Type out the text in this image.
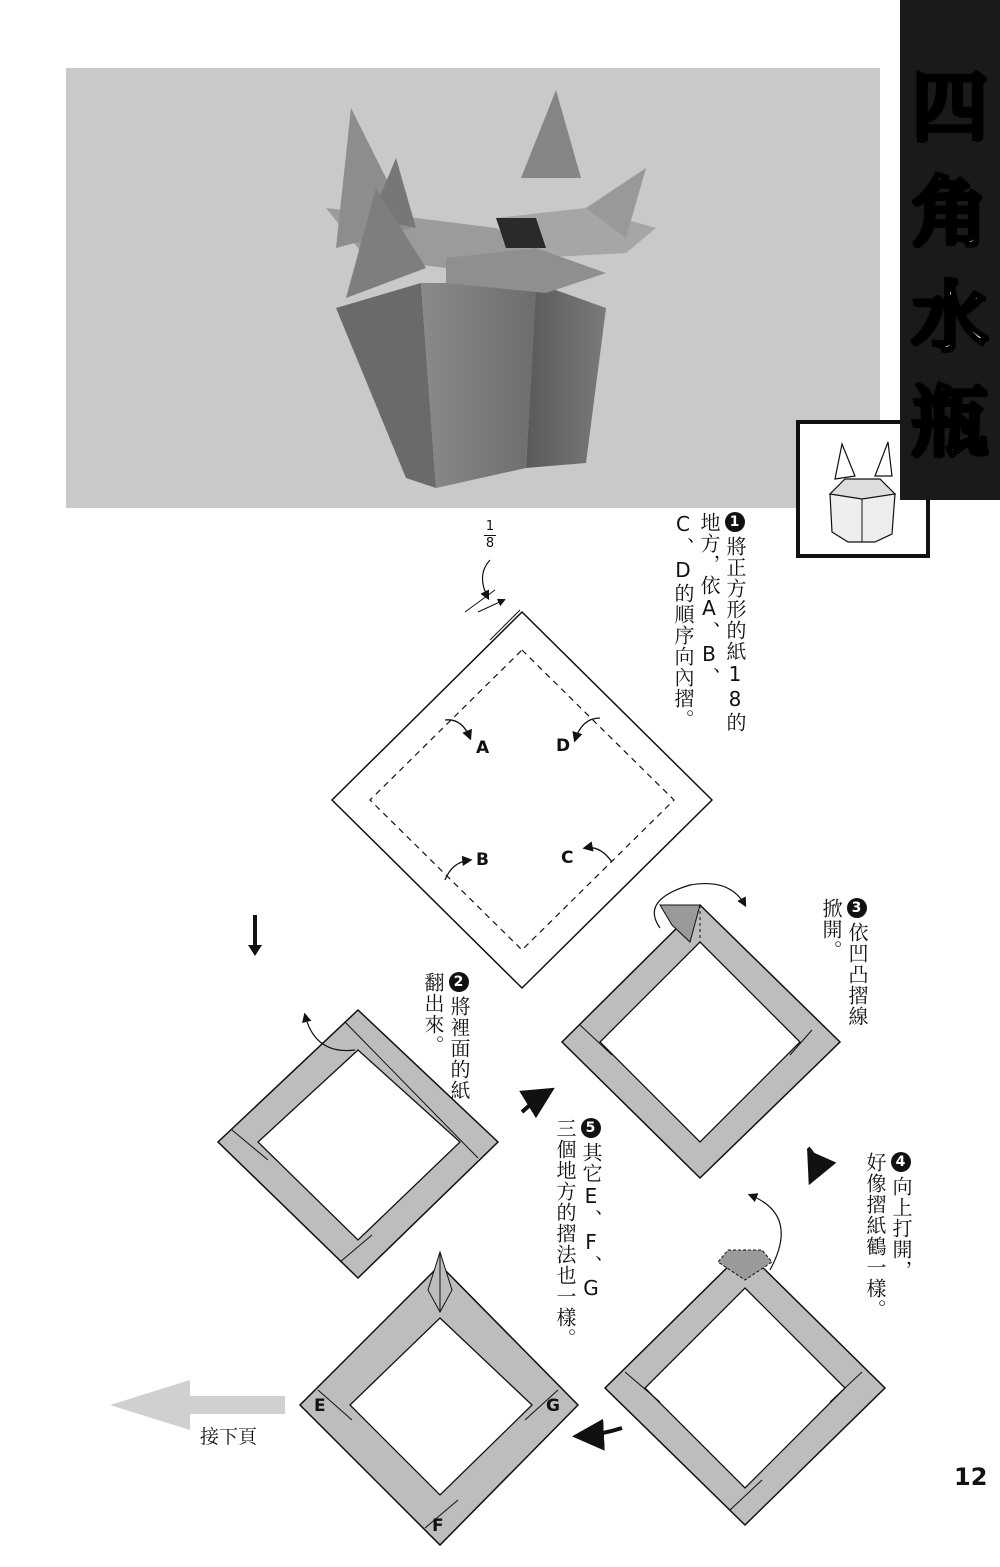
四
角
水
瓶
1
8
A	D
B	C
E	G
F
1將正方形的紙18的
地方，依A、B、
C、D的順序向內摺。
2將裡面的紙
翻出來。
3依凹凸摺線
掀開。
4向上打開，
好像摺紙鶴一樣。
5其它E、F、G
三個地方的摺法也一樣。
接下頁
12
